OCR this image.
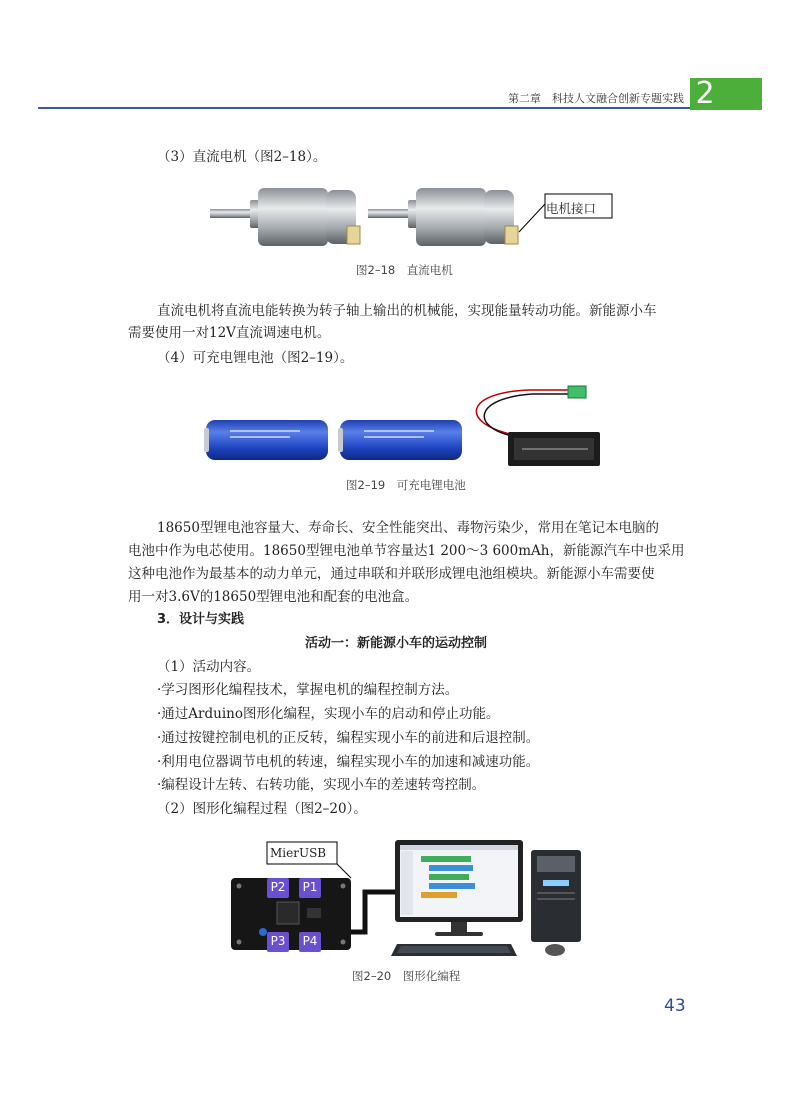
第二章　科技人文融合创新专题实践 2
（3）直流电机（图2–18）。
电机接口
图2–18　直流电机
直流电机将直流电能转换为转子轴上输出的机械能，实现能量转动功能。新能源小车
需要使用一对12V直流调速电机。
（4）可充电锂电池（图2–19）。
图2–19　可充电锂电池
18650型锂电池容量大、寿命长、安全性能突出、毒物污染少，常用在笔记本电脑的
电池中作为电芯使用。18650型锂电池单节容量达1 200～3 600mAh，新能源汽车中也采用
这种电池作为最基本的动力单元，通过串联和并联形成锂电池组模块。新能源小车需要使
用一对3.6V的18650型锂电池和配套的电池盒。
3．设计与实践
活动一：新能源小车的运动控制
（1）活动内容。
·学习图形化编程技术，掌握电机的编程控制方法。
·通过Arduino图形化编程，实现小车的启动和停止功能。
·通过按键控制电机的正反转，编程实现小车的前进和后退控制。
·利用电位器调节电机的转速，编程实现小车的加速和减速功能。
·编程设计左转、右转功能，实现小车的差速转弯控制。
（2）图形化编程过程（图2–20）。
MierUSB
P2 P1
P3 P4
图2–20　图形化编程
43
